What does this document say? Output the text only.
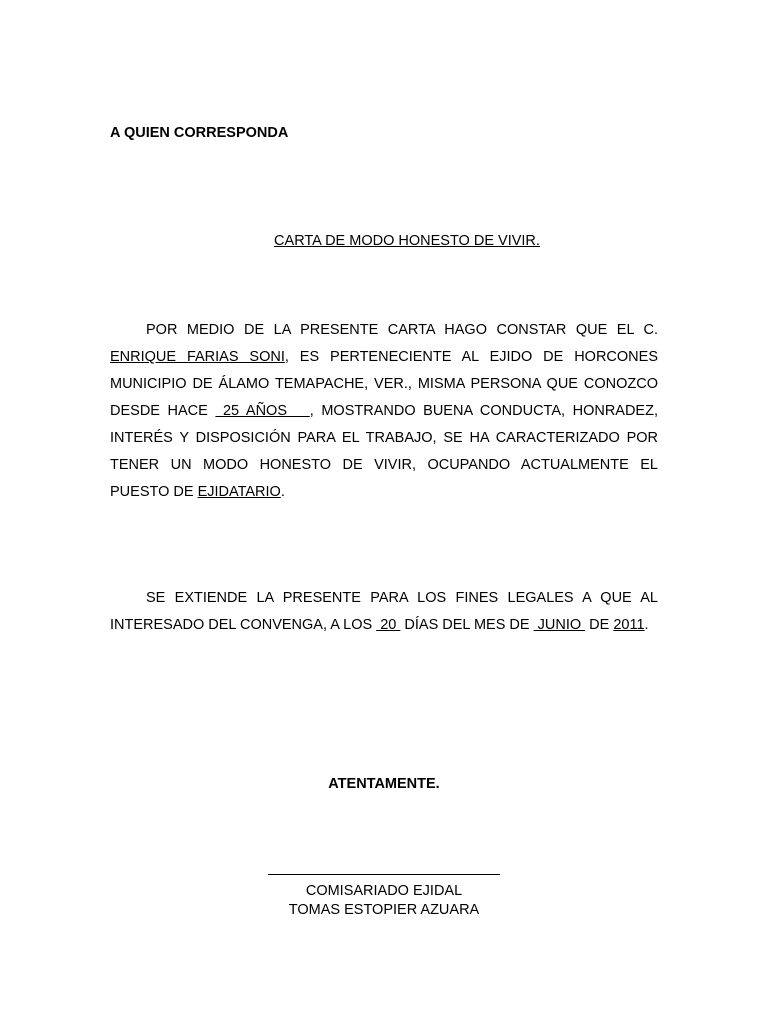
A QUIEN CORRESPONDA
CARTA DE MODO HONESTO DE VIVIR.

POR MEDIO DE LA PRESENTE CARTA HAGO CONSTAR QUE EL C. ENRIQUE FARIAS SONI, ES PERTENECIENTE AL EJIDO DE HORCONES MUNICIPIO DE ÁLAMO TEMAPACHE, VER., MISMA PERSONA QUE CONOZCO DESDE HACE  25 AÑOS   , MOSTRANDO BUENA CONDUCTA, HONRADEZ, INTERÉS Y DISPOSICIÓN PARA EL TRABAJO, SE HA CARACTERIZADO POR TENER UN MODO HONESTO DE VIVIR, OCUPANDO ACTUALMENTE EL PUESTO DE EJIDATARIO.

SE EXTIENDE LA PRESENTE PARA LOS FINES LEGALES A QUE AL INTERESADO DEL CONVENGA, A LOS  20  DÍAS DEL MES DE  JUNIO  DE 2011.

ATENTAMENTE.
COMISARIADO EJIDAL
TOMAS ESTOPIER AZUARA
